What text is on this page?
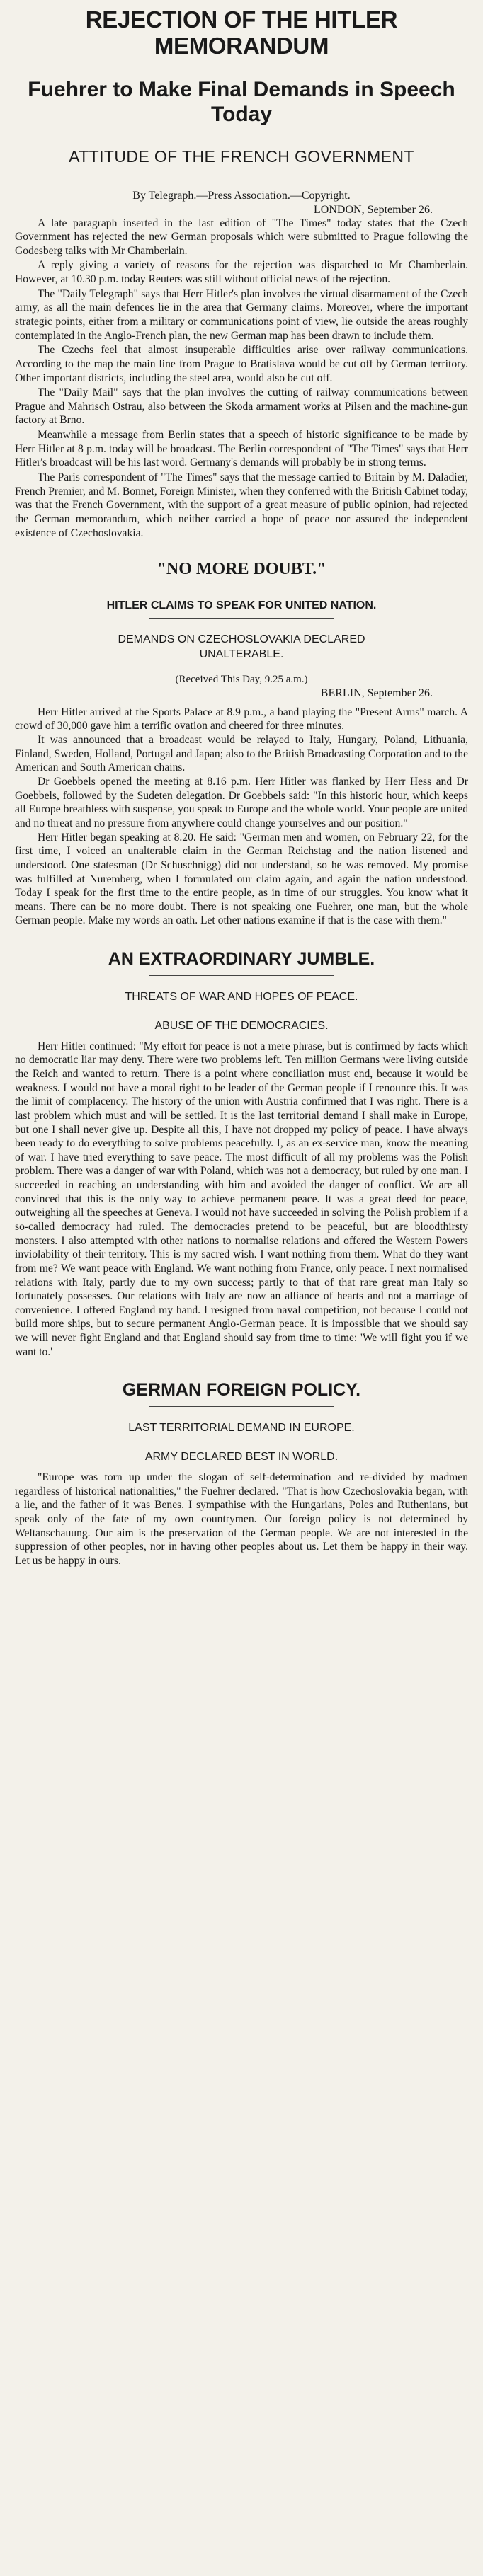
REJECTION OF THE HITLER MEMORANDUM
Fuehrer to Make Final Demands in Speech Today
ATTITUDE OF THE FRENCH GOVERNMENT
By Telegraph.—Press Association.—Copyright.
LONDON, September 26.

A late paragraph inserted in the last edition of "The Times" today states that the Czech Government has rejected the new German proposals which were submitted to Prague following the Godesberg talks with Mr Chamberlain.

A reply giving a variety of reasons for the rejection was dispatched to Mr Chamberlain. However, at 10.30 p.m. today Reuters was still without official news of the rejection.

The "Daily Telegraph" says that Herr Hitler's plan involves the virtual disarmament of the Czech army, as all the main defences lie in the area that Germany claims. Moreover, where the important strategic points, either from a military or communications point of view, lie outside the areas roughly contemplated in the Anglo-French plan, the new German map has been drawn to include them.

The Czechs feel that almost insuperable difficulties arise over railway communications. According to the map the main line from Prague to Bratislava would be cut off by German territory. Other important districts, including the steel area, would also be cut off.

The "Daily Mail" says that the plan involves the cutting of railway communications between Prague and Mahrisch Ostrau, also between the Skoda armament works at Pilsen and the machine-gun factory at Brno.

Meanwhile a message from Berlin states that a speech of historic significance to be made by Herr Hitler at 8 p.m. today will be broadcast. The Berlin correspondent of "The Times" says that Herr Hitler's broadcast will be his last word. Germany's demands will probably be in strong terms.

The Paris correspondent of "The Times" says that the message carried to Britain by M. Daladier, French Premier, and M. Bonnet, Foreign Minister, when they conferred with the British Cabinet today, was that the French Government, with the support of a great measure of public opinion, had rejected the German memorandum, which neither carried a hope of peace nor assured the independent existence of Czechoslovakia.

"NO MORE DOUBT."
HITLER CLAIMS TO SPEAK FOR UNITED NATION.
DEMANDS ON CZECHOSLOVAKIA DECLARED
UNALTERABLE.
(Received This Day, 9.25 a.m.)
BERLIN, September 26.

Herr Hitler arrived at the Sports Palace at 8.9 p.m., a band playing the "Present Arms" march. A crowd of 30,000 gave him a terrific ovation and cheered for three minutes.

It was announced that a broadcast would be relayed to Italy, Hungary, Poland, Lithuania, Finland, Sweden, Holland, Portugal and Japan; also to the British Broadcasting Corporation and to the American and South American chains.

Dr Goebbels opened the meeting at 8.16 p.m. Herr Hitler was flanked by Herr Hess and Dr Goebbels, followed by the Sudeten delegation. Dr Goebbels said: "In this historic hour, which keeps all Europe breathless with suspense, you speak to Europe and the whole world. Your people are united and no threat and no pressure from anywhere could change yourselves and our position."

Herr Hitler began speaking at 8.20. He said: "German men and women, on February 22, for the first time, I voiced an unalterable claim in the German Reichstag and the nation listened and understood. One statesman (Dr Schuschnigg) did not understand, so he was removed. My promise was fulfilled at Nuremberg, when I formulated our claim again, and again the nation understood. Today I speak for the first time to the entire people, as in time of our struggles. You know what it means. There can be no more doubt. There is not speaking one Fuehrer, one man, but the whole German people. Make my words an oath. Let other nations examine if that is the case with them."

AN EXTRAORDINARY JUMBLE.
THREATS OF WAR AND HOPES OF PEACE.
ABUSE OF THE DEMOCRACIES.

Herr Hitler continued: "My effort for peace is not a mere phrase, but is confirmed by facts which no democratic liar may deny. There were two problems left. Ten million Germans were living outside the Reich and wanted to return. There is a point where conciliation must end, because it would be weakness. I would not have a moral right to be leader of the German people if I renounce this. It was the limit of complacency. The history of the union with Austria confirmed that I was right. There is a last problem which must and will be settled. It is the last territorial demand I shall make in Europe, but one I shall never give up. Despite all this, I have not dropped my policy of peace. I have always been ready to do everything to solve problems peacefully. I, as an ex-service man, know the meaning of war. I have tried everything to save peace. The most difficult of all my problems was the Polish problem. There was a danger of war with Poland, which was not a democracy, but ruled by one man. I succeeded in reaching an understanding with him and avoided the danger of conflict. We are all convinced that this is the only way to achieve permanent peace. It was a great deed for peace, outweighing all the speeches at Geneva. I would not have succeeded in solving the Polish problem if a so-called democracy had ruled. The democracies pretend to be peaceful, but are bloodthirsty monsters. I also attempted with other nations to normalise relations and offered the Western Powers inviolability of their territory. This is my sacred wish. I want nothing from them. What do they want from me? We want peace with England. We want nothing from France, only peace. I next normalised relations with Italy, partly due to my own success; partly to that of that rare great man Italy so fortunately possesses. Our relations with Italy are now an alliance of hearts and not a marriage of convenience. I offered England my hand. I resigned from naval competition, not because I could not build more ships, but to secure permanent Anglo-German peace. It is impossible that we should say we will never fight England and that England should say from time to time: 'We will fight you if we want to.'

GERMAN FOREIGN POLICY.
LAST TERRITORIAL DEMAND IN EUROPE.
ARMY DECLARED BEST IN WORLD.

"Europe was torn up under the slogan of self-determination and re-divided by madmen regardless of historical nationalities," the Fuehrer declared. "That is how Czechoslovakia began, with a lie, and the father of it was Benes. I sympathise with the Hungarians, Poles and Ruthenians, but speak only of the fate of my own countrymen. Our foreign policy is not determined by Weltanschauung. Our aim is the preservation of the German people. We are not interested in the suppression of other peoples, nor in having other peoples about us. Let them be happy in their way. Let us be happy in ours.
